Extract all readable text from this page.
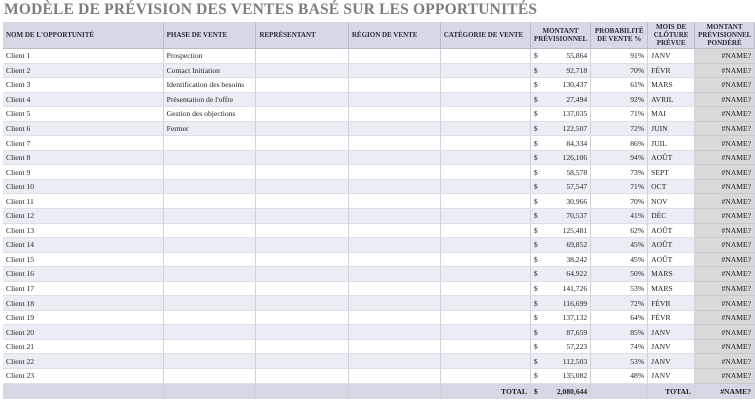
MODÈLE DE PRÉVISION DES VENTES BASÉ SUR LES OPPORTUNITÉS
NOM DE L'OPPORTUNITÉ	PHASE DE VENTE	REPRÉSENTANT	RÉGION DE VENTE	CATÉGORIE DE VENTE	MONTANT PRÉVISIONNEL	PROBABILITÉ DE VENTE %	MOIS DE CLÔTURE PRÉVUE	MONTANT PRÉVISIONNEL PONDÉRÉ
Client 1	Prospection				$ 55,864	91%	JANV	#NAME?
Client 2	Contact Initiation				$ 92,718	70%	FÉVR	#NAME?
Client 3	Identification des besoins				$ 130,437	61%	MARS	#NAME?
Client 4	Présentation de l'offre				$ 27,494	92%	AVRIL	#NAME?
Client 5	Gestion des objections				$ 137,035	71%	MAI	#NAME?
Client 6	Fermer				$ 122,507	72%	JUIN	#NAME?
Client 7					$ 84,334	86%	JUIL	#NAME?
Client 8					$ 126,106	94%	AOÛT	#NAME?
Client 9					$ 58,578	73%	SEPT	#NAME?
Client 10					$ 57,547	71%	OCT	#NAME?
Client 11					$ 30,966	70%	NOV	#NAME?
Client 12					$ 70,537	41%	DÉC	#NAME?
Client 13					$ 125,481	62%	AOÛT	#NAME?
Client 14					$ 69,852	45%	AOÛT	#NAME?
Client 15					$ 38,242	45%	AOÛT	#NAME?
Client 16					$ 64,922	50%	MARS	#NAME?
Client 17					$ 141,726	53%	MARS	#NAME?
Client 18					$ 116,699	72%	FÉVR	#NAME?
Client 19					$ 137,132	64%	FÉVR	#NAME?
Client 20					$ 87,659	85%	JANV	#NAME?
Client 21					$ 57,223	74%	JANV	#NAME?
Client 22					$ 112,503	53%	JANV	#NAME?
Client 23					$ 135,082	48%	JANV	#NAME?
				TOTAL	$ 2,080,644		TOTAL	#NAME?
